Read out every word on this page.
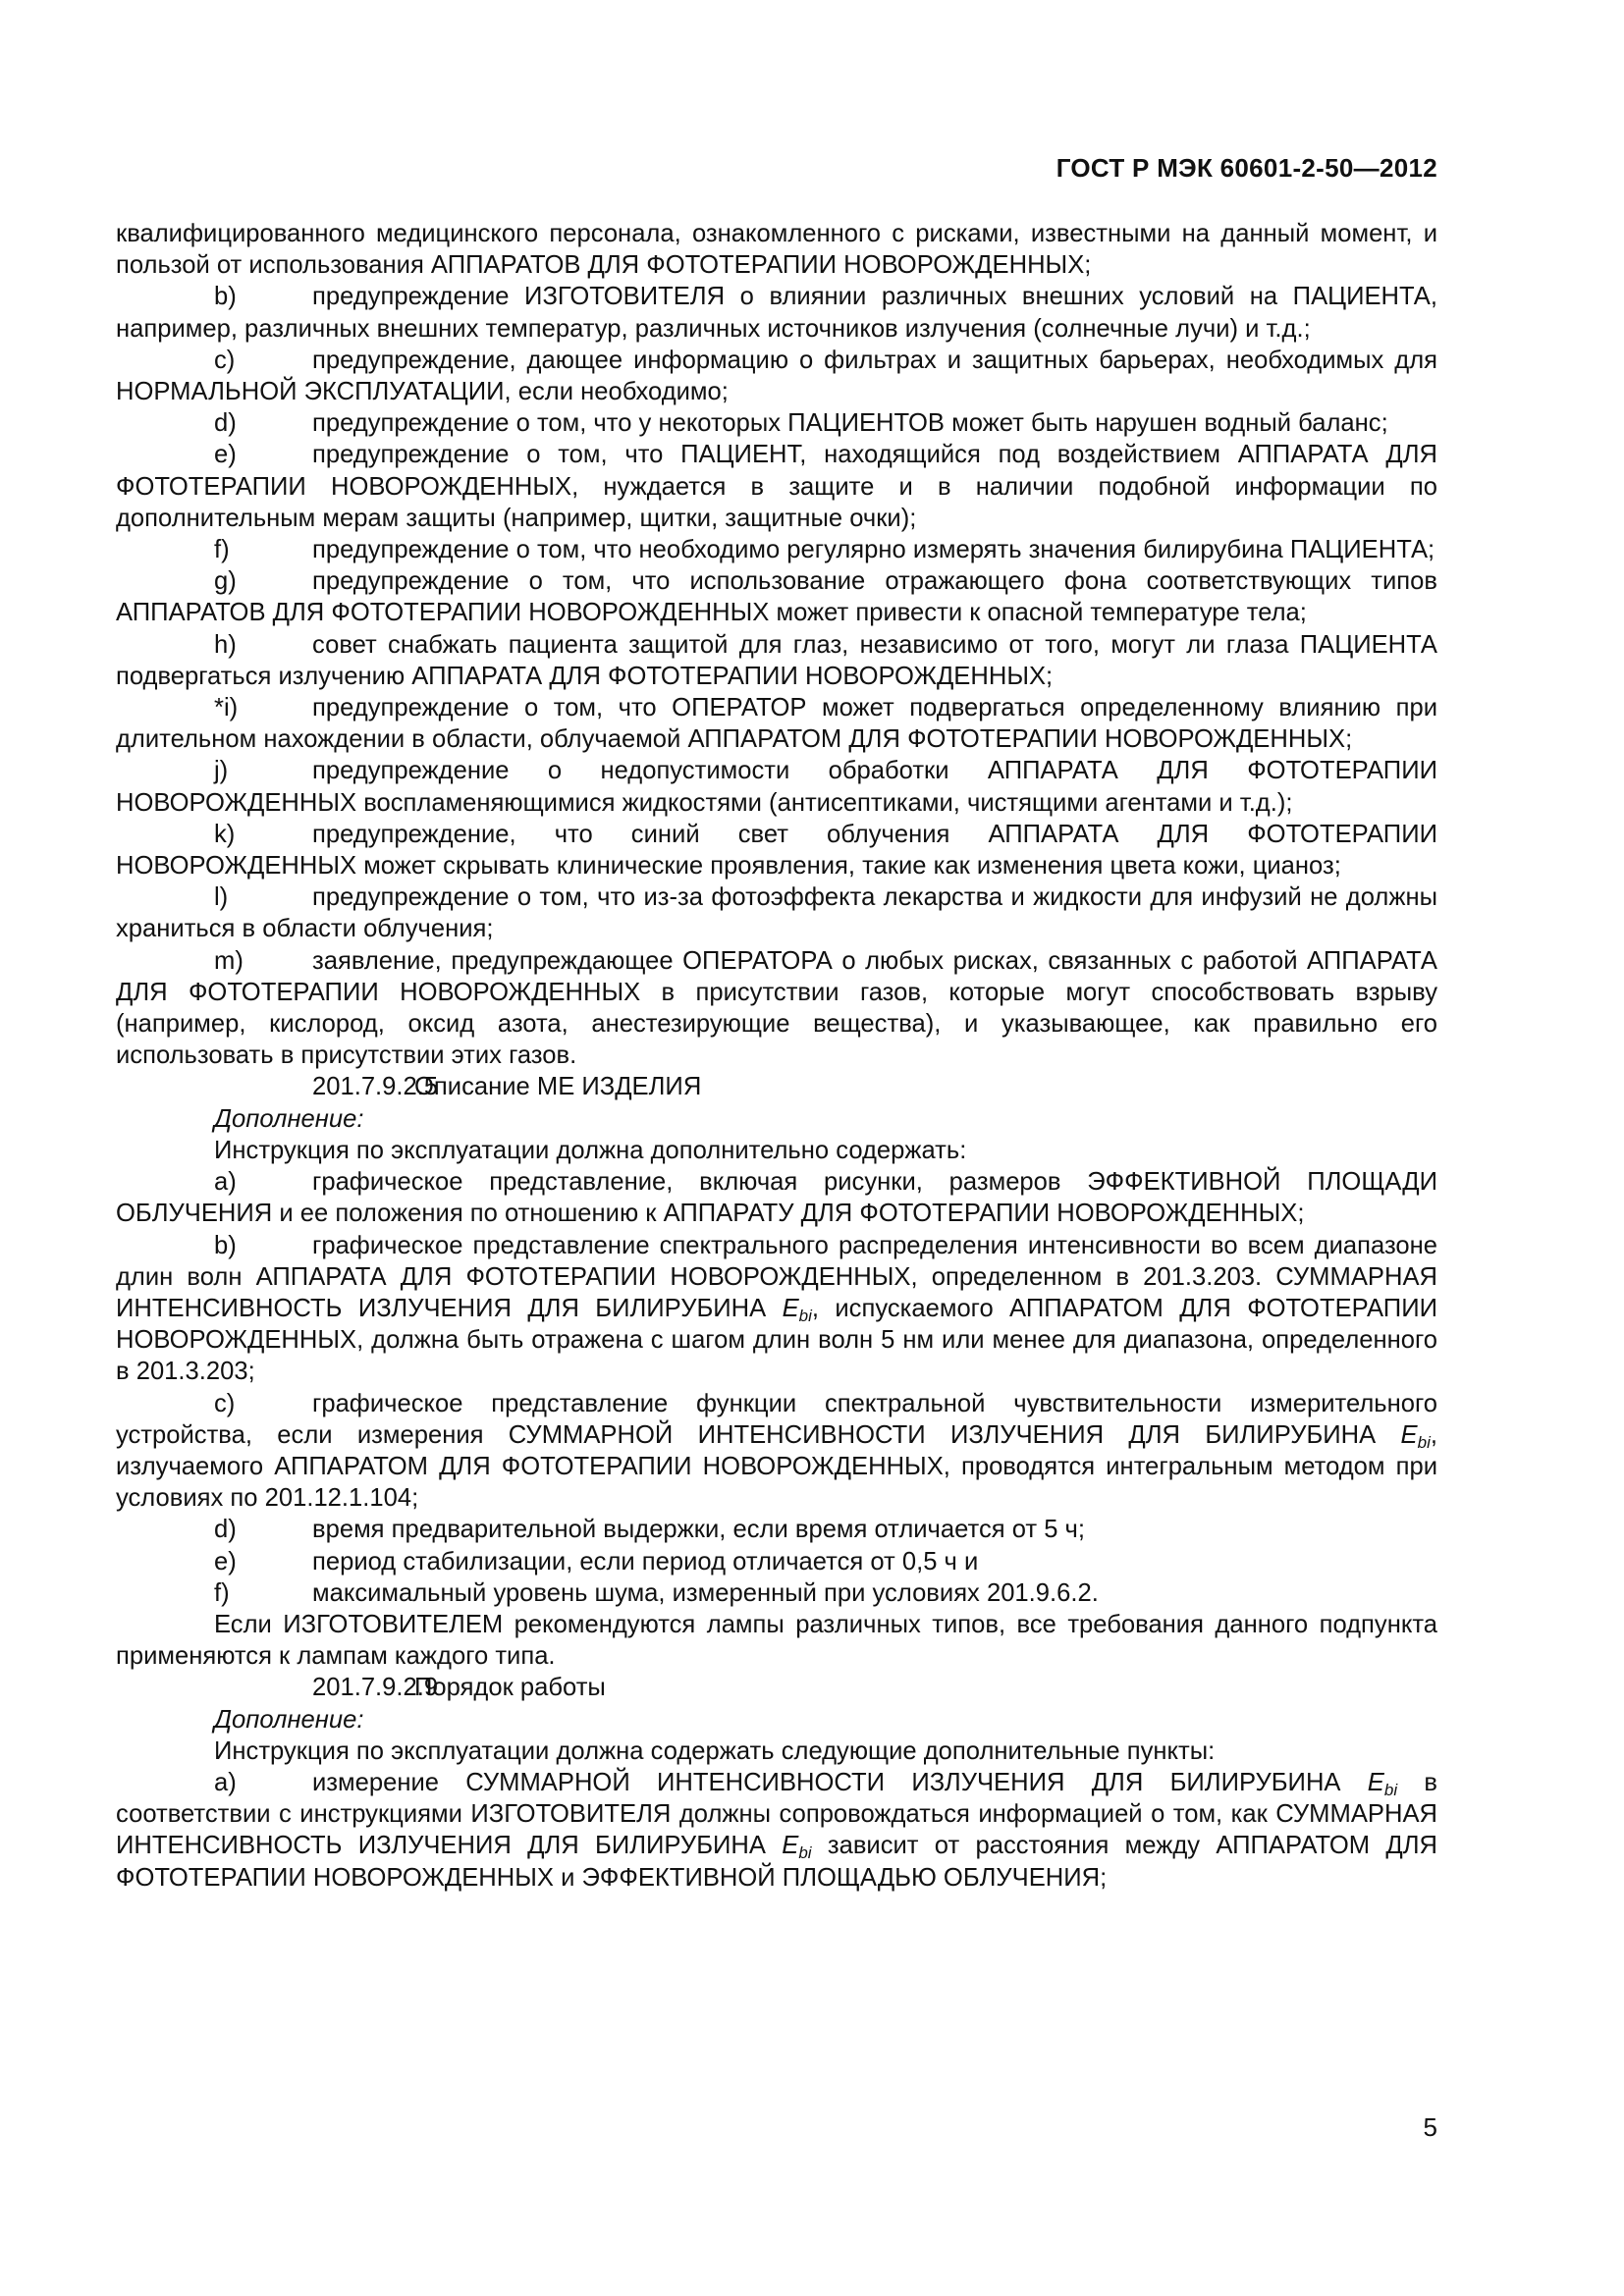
ГОСТ Р МЭК 60601-2-50—2012

квалифицированного медицинского персонала, ознакомленного с рисками, известными на данный момент, и пользой от использования АППАРАТОВ ДЛЯ ФОТОТЕРАПИИ НОВОРОЖДЕННЫХ;

b)	предупреждение ИЗГОТОВИТЕЛЯ о влиянии различных внешних условий на ПАЦИЕНТА, например, различных внешних температур, различных источников излучения (солнечные лучи) и т.д.;

c)	предупреждение, дающее информацию о фильтрах и защитных барьерах, необходимых для НОРМАЛЬНОЙ ЭКСПЛУАТАЦИИ, если необходимо;

d)	предупреждение о том, что у некоторых ПАЦИЕНТОВ может быть нарушен водный баланс;

e)	предупреждение о том, что ПАЦИЕНТ, находящийся под воздействием АППАРАТА ДЛЯ ФОТОТЕРАПИИ НОВОРОЖДЕННЫХ, нуждается в защите и в наличии подобной информации по дополнительным мерам защиты (например, щитки, защитные очки);

f)	предупреждение о том, что необходимо регулярно измерять значения билирубина ПАЦИЕНТА;

g)	предупреждение о том, что использование отражающего фона соответствующих типов АППАРАТОВ ДЛЯ ФОТОТЕРАПИИ НОВОРОЖДЕННЫХ может привести к опасной температуре тела;

h)	совет снабжать пациента защитой для глаз, независимо от того, могут ли глаза ПАЦИЕНТА подвергаться излучению АППАРАТА ДЛЯ ФОТОТЕРАПИИ НОВОРОЖДЕННЫХ;

*i)	предупреждение о том, что ОПЕРАТОР может подвергаться определенному влиянию при длительном нахождении в области, облучаемой АППАРАТОМ ДЛЯ ФОТОТЕРАПИИ НОВОРОЖДЕННЫХ;

j)	предупреждение о недопустимости обработки АППАРАТА ДЛЯ ФОТОТЕРАПИИ НОВОРОЖДЕННЫХ воспламеняющимися жидкостями (антисептиками, чистящими агентами и т.д.);

k)	предупреждение, что синий свет облучения АППАРАТА ДЛЯ ФОТОТЕРАПИИ НОВОРОЖДЕННЫХ может скрывать клинические проявления, такие как изменения цвета кожи, цианоз;

l)	предупреждение о том, что из-за фотоэффекта лекарства и жидкости для инфузий не должны храниться в области облучения;

m)	заявление, предупреждающее ОПЕРАТОРА о любых рисках, связанных с работой АППАРАТА ДЛЯ ФОТОТЕРАПИИ НОВОРОЖДЕННЫХ в присутствии газов, которые могут способствовать взрыву (например, кислород, оксид азота, анестезирующие вещества), и указывающее, как правильно его использовать в присутствии этих газов.

201.7.9.2.5Описание МЕ ИЗДЕЛИЯ

Дополнение:

Инструкция по эксплуатации должна дополнительно содержать:

a)	графическое представление, включая рисунки, размеров ЭФФЕКТИВНОЙ ПЛОЩАДИ ОБЛУЧЕНИЯ и ее положения по отношению к АППАРАТУ ДЛЯ ФОТОТЕРАПИИ НОВОРОЖДЕННЫХ;

b)	графическое представление спектрального распределения интенсивности во всем диапазоне длин волн АППАРАТА ДЛЯ ФОТОТЕРАПИИ НОВОРОЖДЕННЫХ, определенном в 201.3.203. СУММАРНАЯ ИНТЕНСИВНОСТЬ ИЗЛУЧЕНИЯ ДЛЯ БИЛИРУБИНА $E_{bi}$, испускаемого АППАРАТОМ ДЛЯ ФОТОТЕРАПИИ НОВОРОЖДЕННЫХ, должна быть отражена с шагом длин волн 5 нм или менее для диапазона, определенного в 201.3.203;

c)	графическое представление функции спектральной чувствительности измерительного устройства, если измерения СУММАРНОЙ ИНТЕНСИВНОСТИ ИЗЛУЧЕНИЯ ДЛЯ БИЛИРУБИНА $E_{bi}$, излучаемого АППАРАТОМ ДЛЯ ФОТОТЕРАПИИ НОВОРОЖДЕННЫХ, проводятся интегральным методом при условиях по 201.12.1.104;

d)	время предварительной выдержки, если время отличается от 5 ч;

e)	период стабилизации, если период отличается от 0,5 ч и

f)	максимальный уровень шума, измеренный при условиях 201.9.6.2.

Если ИЗГОТОВИТЕЛЕМ рекомендуются лампы различных типов, все требования данного подпункта применяются к лампам каждого типа.

201.7.9.2.9Порядок работы

Дополнение:

Инструкция по эксплуатации должна содержать следующие дополнительные пункты:

a)	измерение СУММАРНОЙ ИНТЕНСИВНОСТИ ИЗЛУЧЕНИЯ ДЛЯ БИЛИРУБИНА $E_{bi}$ в соответствии с инструкциями ИЗГОТОВИТЕЛЯ должны сопровождаться информацией о том, как СУММАРНАЯ ИНТЕНСИВНОСТЬ ИЗЛУЧЕНИЯ ДЛЯ БИЛИРУБИНА $E_{bi}$ зависит от расстояния между АППАРАТОМ ДЛЯ ФОТОТЕРАПИИ НОВОРОЖДЕННЫХ и ЭФФЕКТИВНОЙ ПЛОЩАДЬЮ ОБЛУЧЕНИЯ;

5
